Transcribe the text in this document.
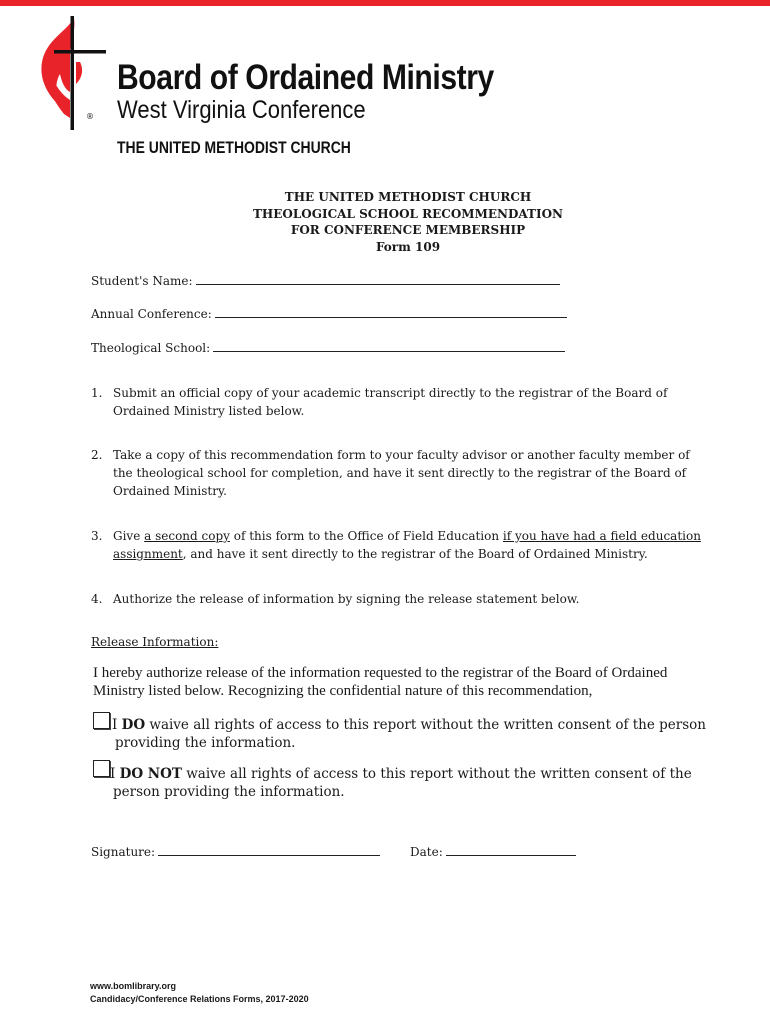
®
Board of Ordained Ministry
West Virginia Conference
THE UNITED METHODIST CHURCH
THE UNITED METHODIST CHURCH
THEOLOGICAL SCHOOL RECOMMENDATION
FOR CONFERENCE MEMBERSHIP
Form 109
Student's Name:
Annual Conference:
Theological School:
1. Submit an official copy of your academic transcript directly to the registrar of the Board of Ordained Ministry listed below.
2. Take a copy of this recommendation form to your faculty advisor or another faculty member of the theological school for completion, and have it sent directly to the registrar of the Board of Ordained Ministry.
3. Give a second copy of this form to the Office of Field Education if you have had a field education assignment, and have it sent directly to the registrar of the Board of Ordained Ministry.
4. Authorize the release of information by signing the release statement below.
Release Information:
I hereby authorize release of the information requested to the registrar of the Board of Ordained
Ministry listed below. Recognizing the confidential nature of this recommendation,
I DO waive all rights of access to this report without the written consent of the person
providing the information.
I DO NOT waive all rights of access to this report without the written consent of the
person providing the information.
Signature:	Date:
www.bomlibrary.org
Candidacy/Conference Relations Forms, 2017-2020
